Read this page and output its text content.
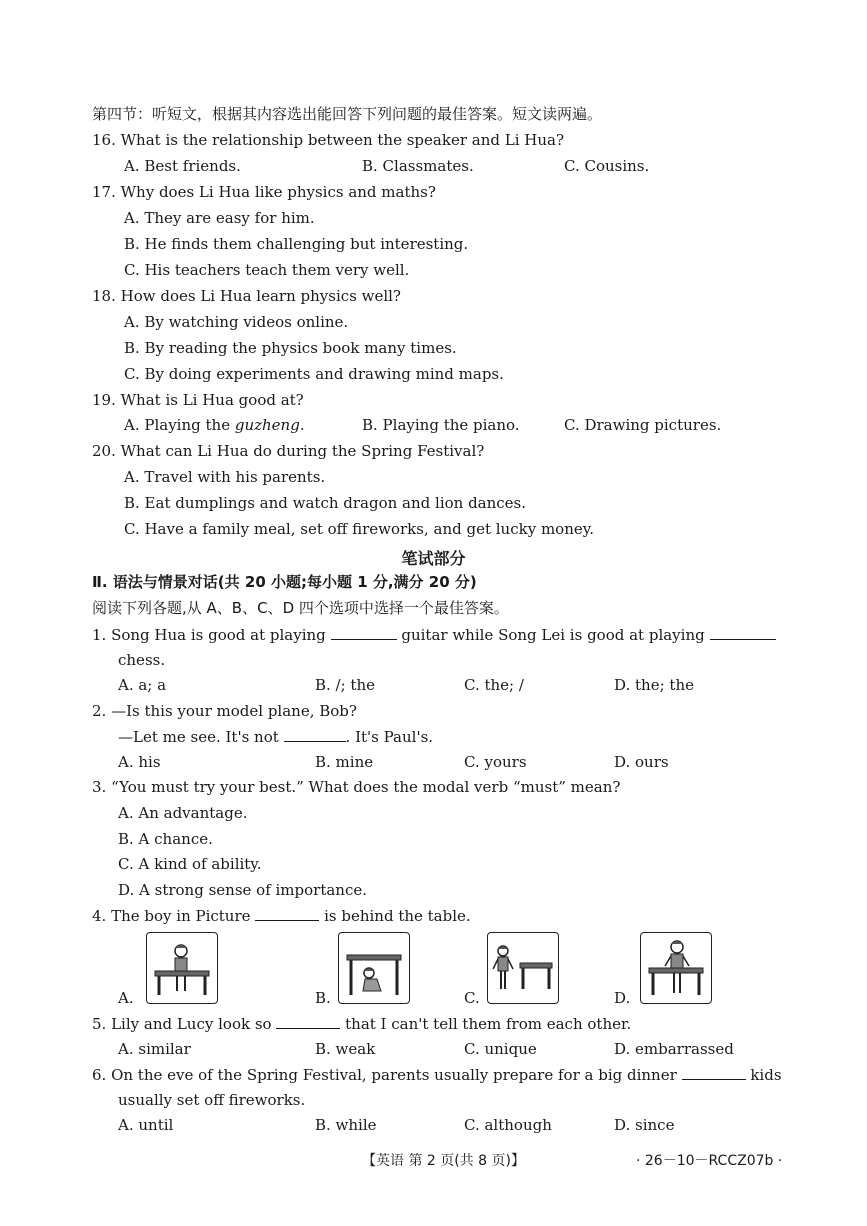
第四节：听短文，根据其内容选出能回答下列问题的最佳答案。短文读两遍。
16. What is the relationship between the speaker and Li Hua?
A. Best friends.	B. Classmates.	C. Cousins.
17. Why does Li Hua like physics and maths?
A. They are easy for him.
B. He finds them challenging but interesting.
C. His teachers teach them very well.
18. How does Li Hua learn physics well?
A. By watching videos online.
B. By reading the physics book many times.
C. By doing experiments and drawing mind maps.
19. What is Li Hua good at?
A. Playing the guzheng.	B. Playing the piano.	C. Drawing pictures.
20. What can Li Hua do during the Spring Festival?
A. Travel with his parents.
B. Eat dumplings and watch dragon and lion dances.
C. Have a family meal, set off fireworks, and get lucky money.
笔试部分
Ⅱ. 语法与情景对话(共 20 小题;每小题 1 分,满分 20 分)
阅读下列各题,从 A、B、C、D 四个选项中选择一个最佳答案。
1. Song Hua is good at playing	guitar while Song Lei is good at playing
chess.
A. a; a	B. /; the	C. the; /	D. the; the
2. —Is this your model plane, Bob?
—Let me see. It's not	. It's Paul's.
A. his	B. mine	C. yours	D. ours
3. “You must try your best.” What does the modal verb “must” mean?
A. An advantage.
B. A chance.
C. A kind of ability.
D. A strong sense of importance.
4. The boy in Picture	is behind the table.
A.	B.	C.	D.
5. Lily and Lucy look so	that I can't tell them from each other.
A. similar	B. weak	C. unique	D. embarrassed
6. On the eve of the Spring Festival, parents usually prepare for a big dinner	kids
usually set off fireworks.
A. until	B. while	C. although	D. since
【英语 第 2 页(共 8 页)】	· 26－10－RCCZ07b ·
